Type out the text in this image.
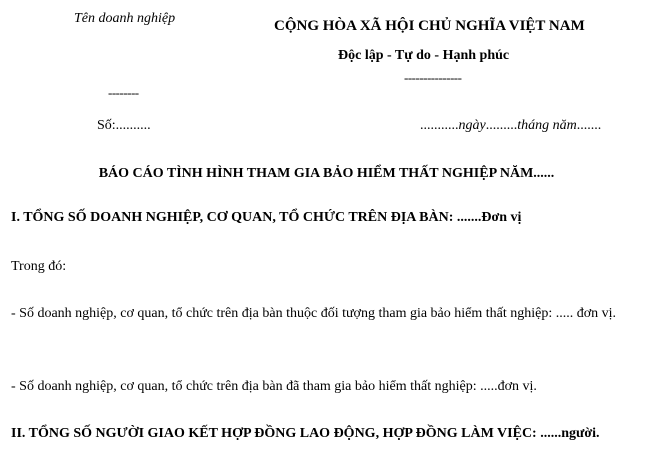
Tên doanh nghiệp	CỘNG HÒA XÃ HỘI CHỦ NGHĨA VIỆT NAM
Độc lập - Tự do - Hạnh phúc
---------------
--------
Số:..........	...........ngày.........tháng năm.......
BÁO CÁO TÌNH HÌNH THAM GIA BẢO HIỂM THẤT NGHIỆP NĂM......
I. TỔNG SỐ DOANH NGHIỆP, CƠ QUAN, TỔ CHỨC TRÊN ĐỊA BÀN: .......Đơn vị
Trong đó:
- Số doanh nghiệp, cơ quan, tổ chức trên địa bàn thuộc đối tượng tham gia bảo hiểm thất nghiệp: ..... đơn vị.
- Số doanh nghiệp, cơ quan, tổ chức trên địa bàn đã tham gia bảo hiểm thất nghiệp: .....đơn vị.
II. TỔNG SỐ NGƯỜI GIAO KẾT HỢP ĐỒNG LAO ĐỘNG, HỢP ĐỒNG LÀM VIỆC: ......người.
